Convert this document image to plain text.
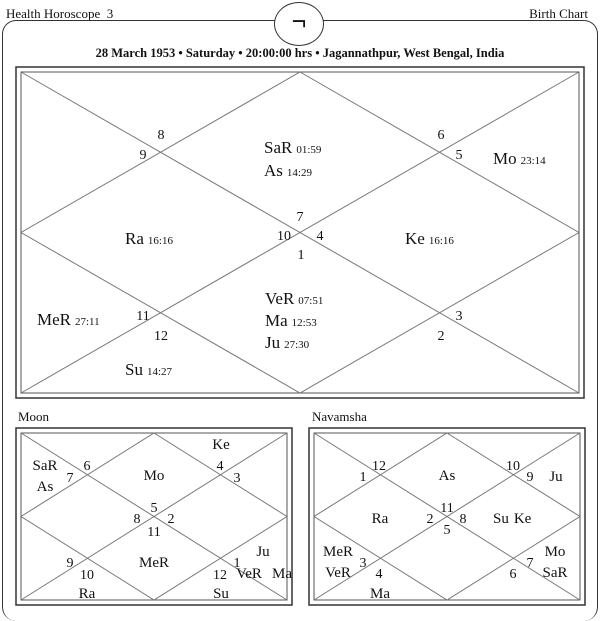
Health Horoscope 3	Birth Chart
¬
28 March 1953 • Saturday • 20:00:00 hrs • Jagannathpur, West Bengal, India
Moon	Navamsha
7
10 4
1
8
9
6
5
11
12
3
2
SaR 01:59
As 14:29
Mo 23:14
Ra 16:16	Ke 16:16
MeR 27:11
VeR 07:51
Ma 12:53
Ju 27:30
Su 14:27
5
8 2
11
6
7
4
3
9
10
1
12
Mo
Ke
SaR
As
MeR
Ra	Su
Ju
VeR Ma
11
2 8
5
12
1
10
9
3
4
7
6
As
Ra	Su Ke
Ju
MeR
VeR
Ma
Mo
SaR
